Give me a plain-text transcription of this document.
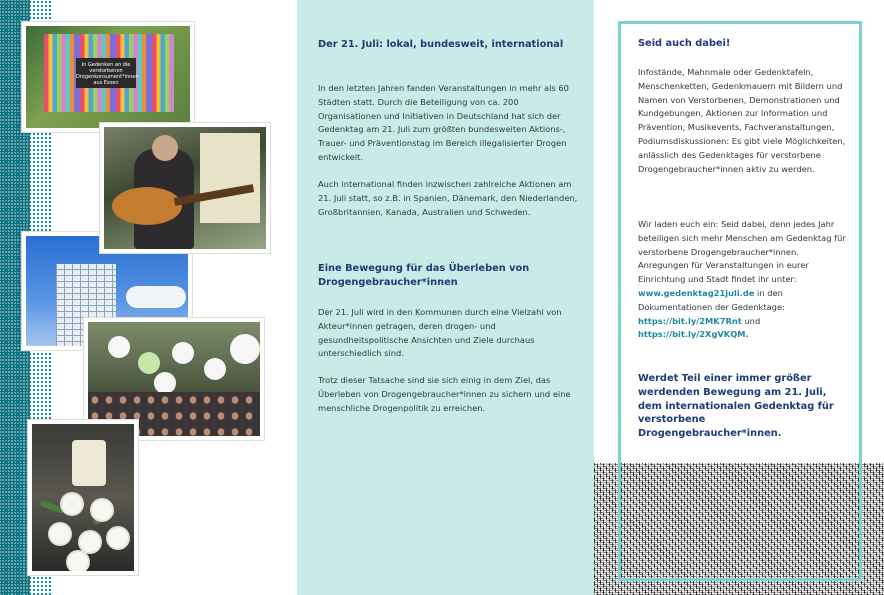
In Gedenken an die verstorbenen Drogenkonsument*innen aus Essen
Der 21. Juli: lokal, bundesweit, international
In den letzten Jahren fanden Veranstaltungen in mehr als 60 Städten statt. Durch die Beteiligung von ca. 200 Organisationen und Initiativen in Deutschland hat sich der Gedenktag am 21. Juli zum größten bundesweiten Aktions-, Trauer- und Präventionstag im Bereich illegalisierter Drogen entwickelt.
Auch international finden inzwischen zahlreiche Aktionen am 21. Juli statt, so z.B. in Spanien, Dänemark, den Niederlanden, Großbritannien, Kanada, Australien und Schweden.
Eine Bewegung für das Überleben von Drogengebraucher*innen
Der 21. Juli wird in den Kommunen durch eine Vielzahl von Akteur*innen getragen, deren drogen- und gesundheitspolitische Ansichten und Ziele durchaus unterschiedlich sind.
Trotz dieser Tatsache sind sie sich einig in dem Ziel, das Überleben von Drogengebraucher*innen zu sichern und eine menschliche Drogenpolitik zu erreichen.
Seid auch dabei!
Infostände, Mahnmale oder Gedenktafeln, Menschenketten, Gedenkmauern mit Bildern und Namen von Verstorbenen, Demonstrationen und Kundgebungen, Aktionen zur Information und Prävention, Musikevents, Fachveranstaltungen, Podiumsdiskussionen: Es gibt viele Möglichkeiten, anlässlich des Gedenktages für verstorbene Drogengebraucher*innen aktiv zu werden.
Wir laden euch ein: Seid dabei, denn jedes Jahr beteiligen sich mehr Menschen am Gedenktag für verstorbene Drogengebraucher*innen. Anregungen für Veranstaltungen in eurer Einrichtung und Stadt findet ihr unter: www.gedenktag21juli.de in den Dokumentationen der Gedenktage: https://bit.ly/2MK7Rnt und https://bit.ly/2XgVKQM.
Werdet Teil einer immer größer werdenden Bewegung am 21. Juli, dem internationalen Gedenktag für verstorbene Drogengebraucher*innen.
